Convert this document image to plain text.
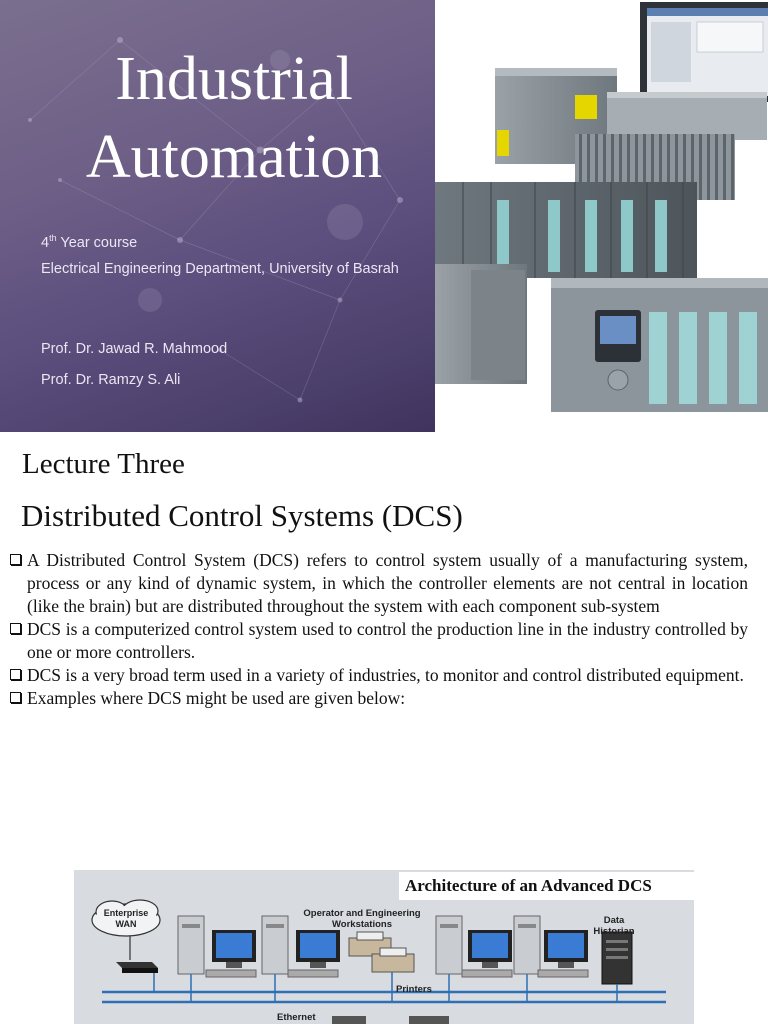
Industrial
Automation

4th Year course

Electrical Engineering Department, University of Basrah

Prof. Dr. Jawad R. Mahmood

Prof. Dr. Ramzy S. Ali

Lecture Three
Distributed Control Systems (DCS)
A Distributed Control System (DCS) refers to control system usually of a manufacturing system, process or any kind of dynamic system, in which the controller elements are not central in location (like the brain) but are distributed throughout the system with each component sub-system
DCS is a computerized control system used to control the production line in the industry controlled by one or more controllers.
DCS is a very broad term used in a variety of industries, to monitor and control distributed equipment.
Examples where DCS might be used are given below:
Enterprise
WAN
Operator and Engineering
Workstations	Data
Historian
Printers
Ethernet

Architecture of an Advanced DCS
